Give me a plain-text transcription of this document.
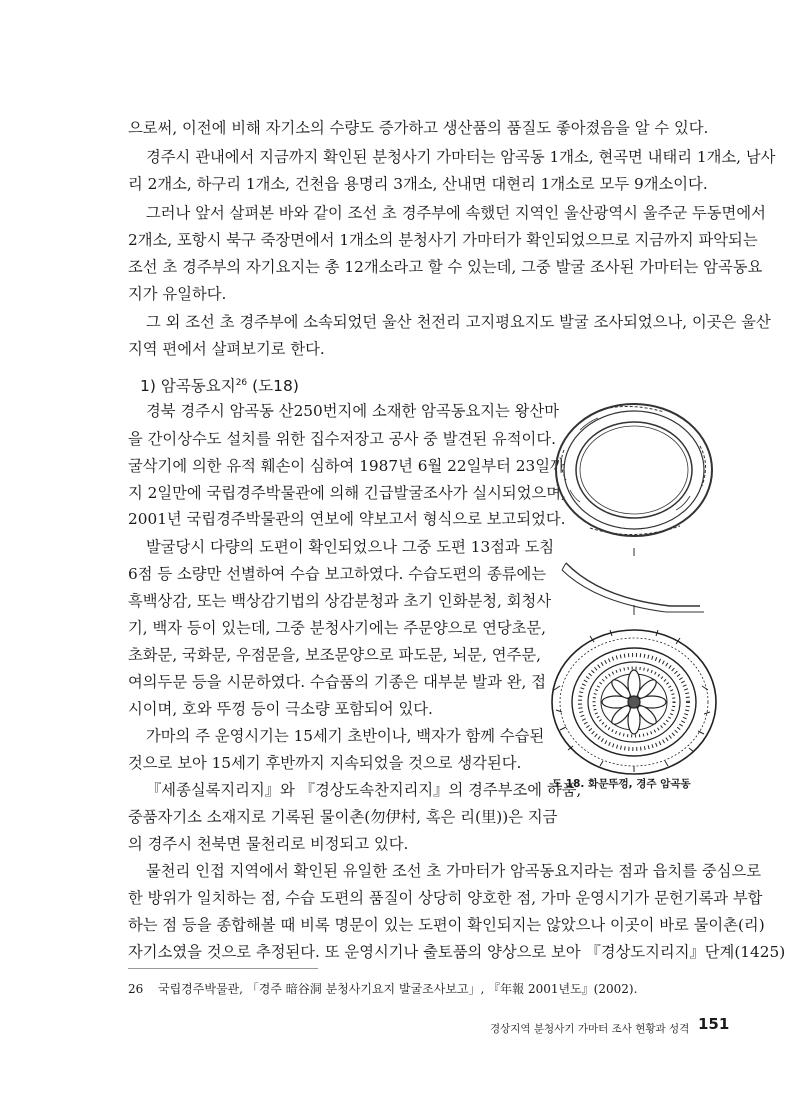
으로써, 이전에 비해 자기소의 수량도 증가하고 생산품의 품질도 좋아졌음을 알 수 있다.

경주시 관내에서 지금까지 확인된 분청사기 가마터는 암곡동 1개소, 현곡면 내태리 1개소, 남사

리 2개소, 하구리 1개소, 건천읍 용명리 3개소, 산내면 대현리 1개소로 모두 9개소이다.

그러나 앞서 살펴본 바와 같이 조선 초 경주부에 속했던 지역인 울산광역시 울주군 두동면에서

2개소, 포항시 북구 죽장면에서 1개소의 분청사기 가마터가 확인되었으므로 지금까지 파악되는

조선 초 경주부의 자기요지는 총 12개소라고 할 수 있는데, 그중 발굴 조사된 가마터는 암곡동요

지가 유일하다.

그 외 조선 초 경주부에 소속되었던 울산 천전리 고지평요지도 발굴 조사되었으나, 이곳은 울산

지역 편에서 살펴보기로 한다.

1) 암곡동요지$^{26}$ (도18)

경북 경주시 암곡동 산250번지에 소재한 암곡동요지는 왕산마

을 간이상수도 설치를 위한 집수저장고 공사 중 발견된 유적이다.

굴삭기에 의한 유적 훼손이 심하여 1987년 6월 22일부터 23일까

지 2일만에 국립경주박물관에 의해 긴급발굴조사가 실시되었으며,

2001년 국립경주박물관의 연보에 약보고서 형식으로 보고되었다.

발굴당시 다량의 도편이 확인되었으나 그중 도편 13점과 도침

6점 등 소량만 선별하여 수습 보고하였다. 수습도편의 종류에는

흑백상감, 또는 백상감기법의 상감분청과 초기 인화분청, 회청사

기, 백자 등이 있는데, 그중 분청사기에는 주문양으로 연당초문,

초화문, 국화문, 우점문을, 보조문양으로 파도문, 뇌문, 연주문,

여의두문 등을 시문하였다. 수습품의 기종은 대부분 발과 완, 접

시이며, 호와 뚜껑 등이 극소량 포함되어 있다.

가마의 주 운영시기는 15세기 초반이나, 백자가 함께 수습된

것으로 보아 15세기 후반까지 지속되었을 것으로 생각된다.

『세종실록지리지』와 『경상도속찬지리지』의 경주부조에 하품,

중품자기소 소재지로 기록된 물이촌(勿伊村, 혹은 리(里))은 지금

의 경주시 천북면 물천리로 비정되고 있다.

도 18. 화문뚜껑, 경주 암곡동

물천리 인접 지역에서 확인된 유일한 조선 초 가마터가 암곡동요지라는 점과 읍치를 중심으로

한 방위가 일치하는 점, 수습 도편의 품질이 상당히 양호한 점, 가마 운영시기가 문헌기록과 부합

하는 점 등을 종합해볼 때 비록 명문이 있는 도편이 확인되지는 않았으나 이곳이 바로 물이촌(리)

자기소였을 것으로 추정된다. 또 운영시기나 출토품의 양상으로 보아 『경상도지리지』단계(1425)

26 국립경주박물관, 「경주 暗谷洞 분청사기요지 발굴조사보고」, 『年報 2001년도』(2002).
경상지역 분청사기 가마터 조사 현황과 성격 151
